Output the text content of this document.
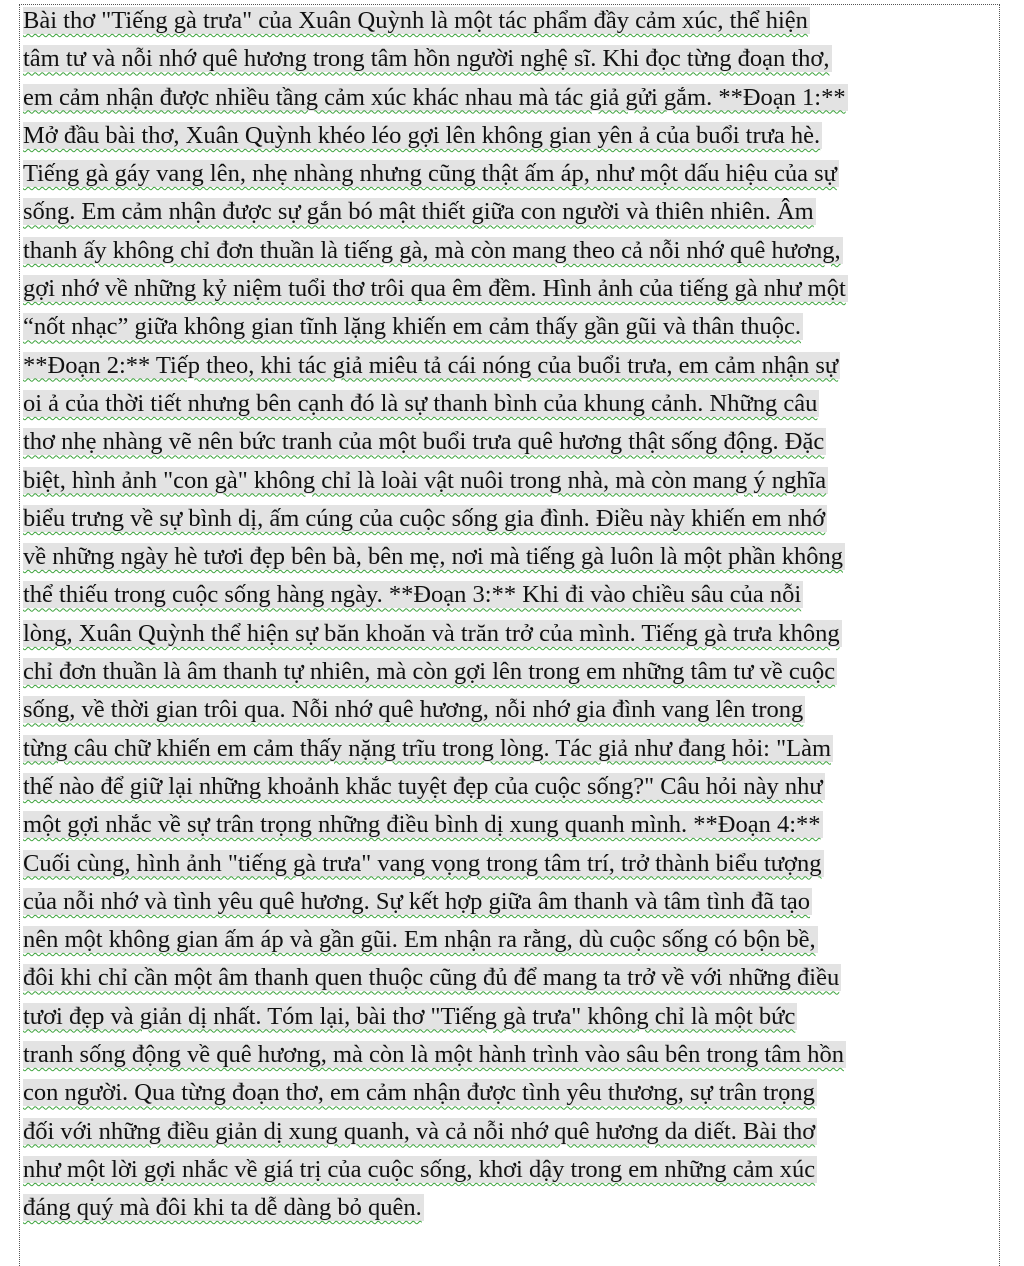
Bài thơ "Tiếng gà trưa" của Xuân Quỳnh là một tác phẩm đầy cảm xúc, thể hiện
tâm tư và nỗi nhớ quê hương trong tâm hồn người nghệ sĩ. Khi đọc từng đoạn thơ,
em cảm nhận được nhiều tầng cảm xúc khác nhau mà tác giả gửi gắm. **Đoạn 1:**
Mở đầu bài thơ, Xuân Quỳnh khéo léo gợi lên không gian yên ả của buổi trưa hè.
Tiếng gà gáy vang lên, nhẹ nhàng nhưng cũng thật ấm áp, như một dấu hiệu của sự
sống. Em cảm nhận được sự gắn bó mật thiết giữa con người và thiên nhiên. Âm
thanh ấy không chỉ đơn thuần là tiếng gà, mà còn mang theo cả nỗi nhớ quê hương,
gợi nhớ về những kỷ niệm tuổi thơ trôi qua êm đềm. Hình ảnh của tiếng gà như một
“nốt nhạc” giữa không gian tĩnh lặng khiến em cảm thấy gần gũi và thân thuộc.
**Đoạn 2:** Tiếp theo, khi tác giả miêu tả cái nóng của buổi trưa, em cảm nhận sự
oi ả của thời tiết nhưng bên cạnh đó là sự thanh bình của khung cảnh. Những câu
thơ nhẹ nhàng vẽ nên bức tranh của một buổi trưa quê hương thật sống động. Đặc
biệt, hình ảnh "con gà" không chỉ là loài vật nuôi trong nhà, mà còn mang ý nghĩa
biểu trưng về sự bình dị, ấm cúng của cuộc sống gia đình. Điều này khiến em nhớ
về những ngày hè tươi đẹp bên bà, bên mẹ, nơi mà tiếng gà luôn là một phần không
thể thiếu trong cuộc sống hàng ngày. **Đoạn 3:** Khi đi vào chiều sâu của nỗi
lòng, Xuân Quỳnh thể hiện sự băn khoăn và trăn trở của mình. Tiếng gà trưa không
chỉ đơn thuần là âm thanh tự nhiên, mà còn gợi lên trong em những tâm tư về cuộc
sống, về thời gian trôi qua. Nỗi nhớ quê hương, nỗi nhớ gia đình vang lên trong
từng câu chữ khiến em cảm thấy nặng trĩu trong lòng. Tác giả như đang hỏi: "Làm
thế nào để giữ lại những khoảnh khắc tuyệt đẹp của cuộc sống?" Câu hỏi này như
một gợi nhắc về sự trân trọng những điều bình dị xung quanh mình. **Đoạn 4:**
Cuối cùng, hình ảnh "tiếng gà trưa" vang vọng trong tâm trí, trở thành biểu tượng
của nỗi nhớ và tình yêu quê hương. Sự kết hợp giữa âm thanh và tâm tình đã tạo
nên một không gian ấm áp và gần gũi. Em nhận ra rằng, dù cuộc sống có bộn bề,
đôi khi chỉ cần một âm thanh quen thuộc cũng đủ để mang ta trở về với những điều
tươi đẹp và giản dị nhất. Tóm lại, bài thơ "Tiếng gà trưa" không chỉ là một bức
tranh sống động về quê hương, mà còn là một hành trình vào sâu bên trong tâm hồn
con người. Qua từng đoạn thơ, em cảm nhận được tình yêu thương, sự trân trọng
đối với những điều giản dị xung quanh, và cả nỗi nhớ quê hương da diết. Bài thơ
như một lời gợi nhắc về giá trị của cuộc sống, khơi dậy trong em những cảm xúc
đáng quý mà đôi khi ta dễ dàng bỏ quên.
